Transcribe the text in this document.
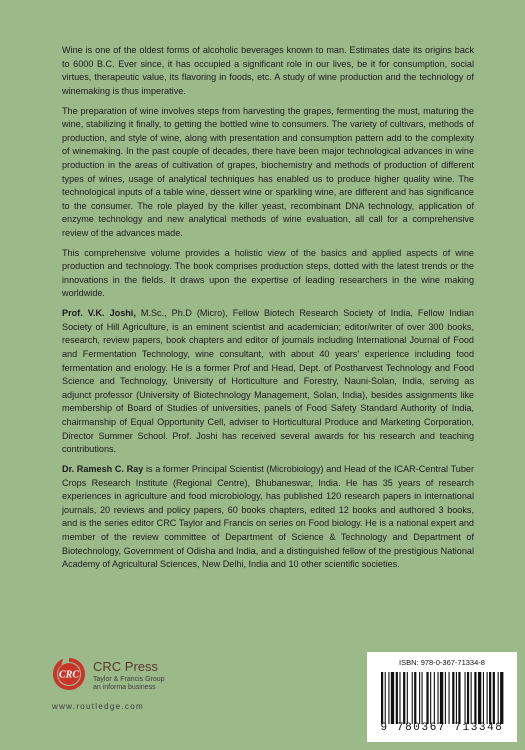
Wine is one of the oldest forms of alcoholic beverages known to man. Estimates date its origins back to 6000 B.C. Ever since, it has occupied a significant role in our lives, be it for consumption, social virtues, therapeutic value, its flavoring in foods, etc. A study of wine production and the technology of winemaking is thus imperative.

The preparation of wine involves steps from harvesting the grapes, fermenting the must, maturing the wine, stabilizing it finally, to getting the bottled wine to consumers. The variety of cultivars, methods of production, and style of wine, along with presentation and consumption pattern add to the complexity of winemaking. In the past couple of decades, there have been major technological advances in wine production in the areas of cultivation of grapes, biochemistry and methods of production of different types of wines, usage of analytical techniques has enabled us to produce higher quality wine. The technological inputs of a table wine, dessert wine or sparkling wine, are different and has significance to the consumer. The role played by the killer yeast, recombinant DNA technology, application of enzyme technology and new analytical methods of wine evaluation, all call for a comprehensive review of the advances made.

This comprehensive volume provides a holistic view of the basics and applied aspects of wine production and technology. The book comprises production steps, dotted with the latest trends or the innovations in the fields. It draws upon the expertise of leading researchers in the wine making worldwide.

Prof. V.K. Joshi, M.Sc., Ph.D (Micro), Fellow Biotech Research Society of India, Fellow Indian Society of Hill Agriculture, is an eminent scientist and academician; editor/writer of over 300 books, research, review papers, book chapters and editor of journals including International Journal of Food and Fermentation Technology, wine consultant, with about 40 years' experience including food fermentation and enology. He is a former Prof and Head, Dept. of Postharvest Technology and Food Science and Technology, University of Horticulture and Forestry, Nauni-Solan, India, serving as adjunct professor (University of Biotechnology Management, Solan, India), besides assignments like membership of Board of Studies of universities, panels of Food Safety Standard Authority of India, chairmanship of Equal Opportunity Cell, adviser to Horticultural Produce and Marketing Corporation, Director Summer School. Prof. Joshi has received several awards for his research and teaching contributions.

Dr. Ramesh C. Ray is a former Principal Scientist (Microbiology) and Head of the ICAR-Central Tuber Crops Research Institute (Regional Centre), Bhubaneswar, India. He has 35 years of research experiences in agriculture and food microbiology, has published 120 research papers in international journals, 20 reviews and policy papers, 60 books chapters, edited 12 books and authored 3 books, and is the series editor CRC Taylor and Francis on series on Food biology. He is a national expert and member of the review committee of Department of Science & Technology and Department of Biotechnology, Government of Odisha and India, and a distinguished fellow of the prestigious National Academy of Agricultural Sciences, New Delhi, India and 10 other scientific societies.

CRC
CRC Press
Taylor & Francis Group
an informa business
www.routledge.com
ISBN: 978-0-367-71334-8
9 780367 713348
